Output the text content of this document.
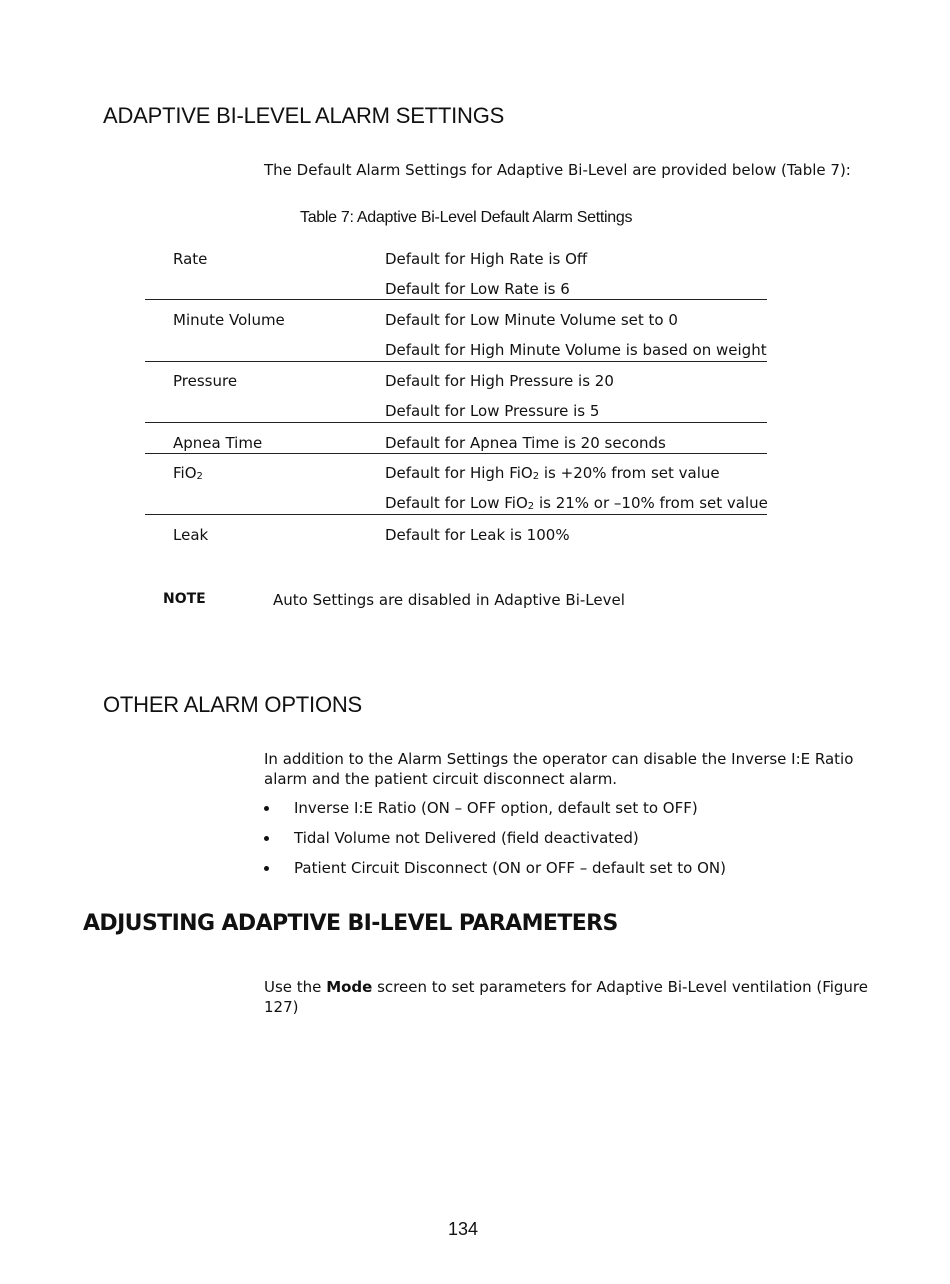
ADAPTIVE BI-LEVEL ALARM SETTINGS
The Default Alarm Settings for Adaptive Bi-Level are provided below (Table 7):
Table 7: Adaptive Bi-Level Default Alarm Settings
Rate	Default for High Rate is Off
Default for Low Rate is 6
Minute Volume	Default for Low Minute Volume set to 0
Default for High Minute Volume is based on weight
Pressure	Default for High Pressure is 20
Default for Low Pressure is 5
Apnea Time	Default for Apnea Time is 20 seconds
FiO$_2$	Default for High FiO$_2$ is +20% from set value
Default for Low FiO$_2$ is 21% or –10% from set value
Leak	Default for Leak is 100%
NOTE	Auto Settings are disabled in Adaptive Bi-Level
OTHER ALARM OPTIONS
In addition to the Alarm Settings the operator can disable the Inverse I:E Ratio
alarm and the patient circuit disconnect alarm.
Inverse I:E Ratio (ON – OFF option, default set to OFF)
Tidal Volume not Delivered (field deactivated)
Patient Circuit Disconnect (ON or OFF – default set to ON)
ADJUSTING ADAPTIVE BI-LEVEL PARAMETERS
Use the Mode screen to set parameters for Adaptive Bi-Level ventilation (Figure
127)
134
